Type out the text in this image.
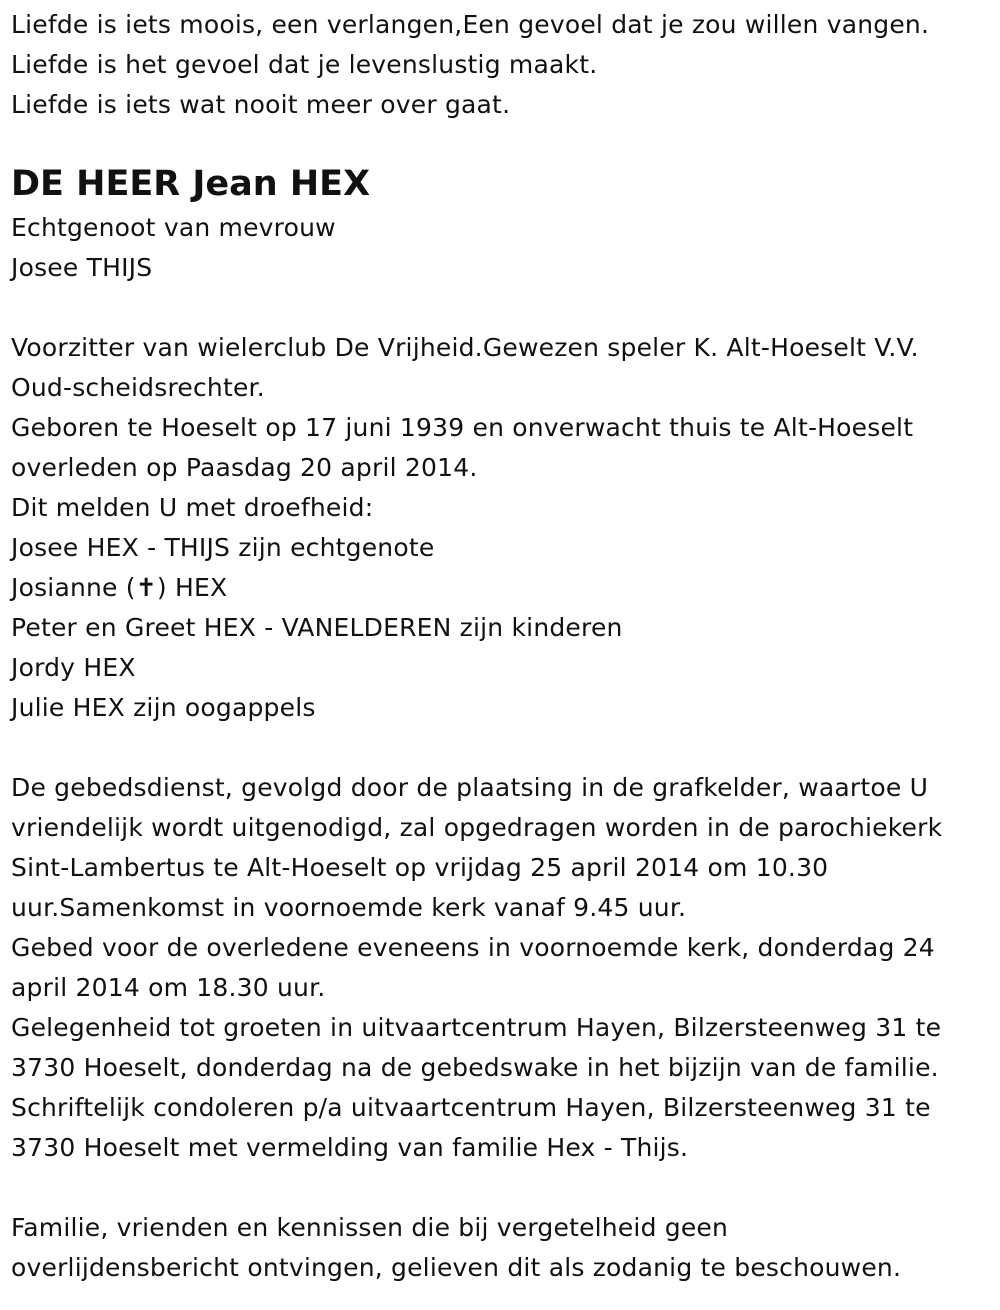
Liefde is iets moois, een verlangen,Een gevoel dat je zou willen vangen.
Liefde is het gevoel dat je levenslustig maakt.
Liefde is iets wat nooit meer over gaat.
DE HEER Jean HEX
Echtgenoot van mevrouw
Josee THIJS
Voorzitter van wielerclub De Vrijheid.Gewezen speler K. Alt-Hoeselt V.V.
Oud-scheidsrechter.
Geboren te Hoeselt op 17 juni 1939 en onverwacht thuis te Alt-Hoeselt
overleden op Paasdag 20 april 2014.
Dit melden U met droefheid:
Josee HEX - THIJS zijn echtgenote
Josianne (✝) HEX
Peter en Greet HEX - VANELDEREN zijn kinderen
Jordy HEX
Julie HEX zijn oogappels
De gebedsdienst, gevolgd door de plaatsing in de grafkelder, waartoe U
vriendelijk wordt uitgenodigd, zal opgedragen worden in de parochiekerk
Sint-Lambertus te Alt-Hoeselt op vrijdag 25 april 2014 om 10.30
uur.Samenkomst in voornoemde kerk vanaf 9.45 uur.
Gebed voor de overledene eveneens in voornoemde kerk, donderdag 24
april 2014 om 18.30 uur.
Gelegenheid tot groeten in uitvaartcentrum Hayen, Bilzersteenweg 31 te
3730 Hoeselt, donderdag na de gebedswake in het bijzijn van de familie.
Schriftelijk condoleren p/a uitvaartcentrum Hayen, Bilzersteenweg 31 te
3730 Hoeselt met vermelding van familie Hex - Thijs.
Familie, vrienden en kennissen die bij vergetelheid geen
overlijdensbericht ontvingen, gelieven dit als zodanig te beschouwen.
